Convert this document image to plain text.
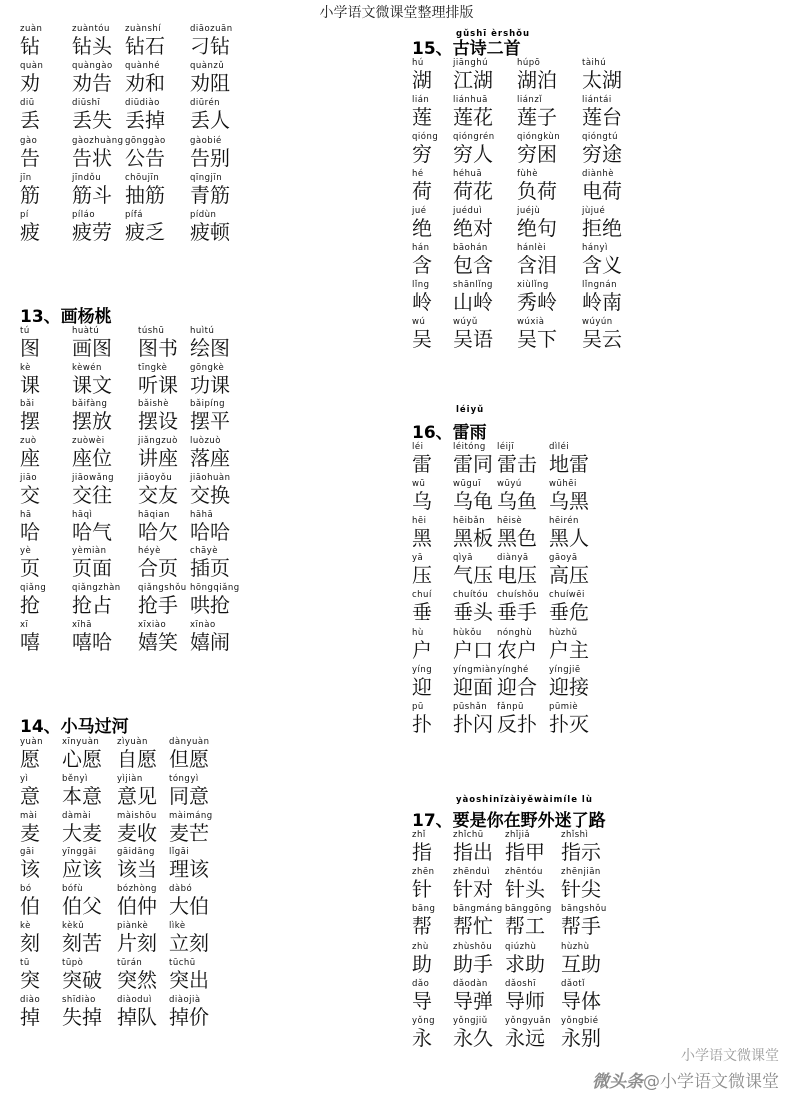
小学语文微课堂整理排版
zuàn
钻
zuàntóu
钻头
zuànshí
钻石
diāozuān
刁钻
quàn
劝
quàngào
劝告
quànhé
劝和
quànzǔ
劝阻
diū
丢
diūshī
丢失
diūdiào
丢掉
diūrén
丢人
gào
告
gàozhuàng
告状
gōnggào
公告
gàobié
告别
jīn
筋
jīndǒu
筋斗
chōujīn
抽筋
qīngjīn
青筋
pí
疲
píláo
疲劳
pífá
疲乏
pídùn
疲顿
13、画杨桃
tú
图
huàtú
画图
túshū
图书
huìtú
绘图
kè
课
kèwén
课文
tīngkè
听课
gōngkè
功课
bǎi
摆
bǎifàng
摆放
bǎishè
摆设
bǎipíng
摆平
zuò
座
zuòwèi
座位
jiǎngzuò
讲座
luòzuò
落座
jiāo
交
jiāowǎng
交往
jiāoyǒu
交友
jiāohuàn
交换
hā
哈
hāqì
哈气
hāqian
哈欠
hāhā
哈哈
yè
页
yèmiàn
页面
héyè
合页
chāyè
插页
qiǎng
抢
qiǎngzhàn
抢占
qiǎngshǒu
抢手
hōngqiǎng
哄抢
xī
嘻
xīhā
嘻哈
xīxiào
嬉笑
xīnào
嬉闹
14、小马过河
yuàn
愿
xīnyuàn
心愿
zìyuàn
自愿
dànyuàn
但愿
yì
意
běnyì
本意
yìjiàn
意见
tóngyì
同意
mài
麦
dàmài
大麦
màishōu
麦收
màimáng
麦芒
gāi
该
yīnggāi
应该
gāidāng
该当
lǐgāi
理该
bó
伯
bófù
伯父
bózhòng
伯仲
dàbó
大伯
kè
刻
kèkǔ
刻苦
piànkè
片刻
lìkè
立刻
tū
突
tūpò
突破
tūrán
突然
tūchū
突出
diào
掉
shīdiào
失掉
diàoduì
掉队
diàojià
掉价
gǔshī èrshǒu
15、古诗二首
hú
湖
jiānghú
江湖
húpō
湖泊
tàihú
太湖
lián
莲
liánhuā
莲花
liánzǐ
莲子
liántái
莲台
qióng
穷
qióngrén
穷人
qióngkùn
穷困
qióngtú
穷途
hé
荷
héhuā
荷花
fùhè
负荷
diànhè
电荷
jué
绝
juéduì
绝对
juéjù
绝句
jùjué
拒绝
hán
含
bāohán
包含
hánlèi
含泪
hányì
含义
lǐng
岭
shānlǐng
山岭
xiùlǐng
秀岭
lǐngnán
岭南
wú
吴
wúyǔ
吴语
wúxià
吴下
wúyún
吴云
léiyǔ
16、雷雨
léi
雷
léitóng
雷同
léijī
雷击
dìléi
地雷
wū
乌
wūguī
乌龟
wūyú
乌鱼
wūhēi
乌黑
hēi
黑
hēibǎn
黑板
hēisè
黑色
hēirén
黑人
yā
压
qìyā
气压
diànyā
电压
gāoyā
高压
chuí
垂
chuítóu
垂头
chuíshǒu
垂手
chuíwēi
垂危
hù
户
hùkǒu
户口
nónghù
农户
hùzhǔ
户主
yíng
迎
yíngmiàn
迎面
yínghé
迎合
yíngjiē
迎接
pū
扑
pūshǎn
扑闪
fǎnpū
反扑
pūmiè
扑灭
yàoshinǐzàiyěwàimíle lù
17、要是你在野外迷了路
zhǐ
指
zhǐchū
指出
zhǐjiǎ
指甲
zhǐshì
指示
zhēn
针
zhēnduì
针对
zhēntóu
针头
zhēnjiān
针尖
bāng
帮
bāngmáng
帮忙
bānggōng
帮工
bāngshǒu
帮手
zhù
助
zhùshǒu
助手
qiúzhù
求助
hùzhù
互助
dǎo
导
dǎodàn
导弹
dǎoshī
导师
dǎotǐ
导体
yǒng
永
yǒngjiǔ
永久
yǒngyuǎn
永远
yǒngbié
永别
小学语文微课堂
微头条@小学语文微课堂
